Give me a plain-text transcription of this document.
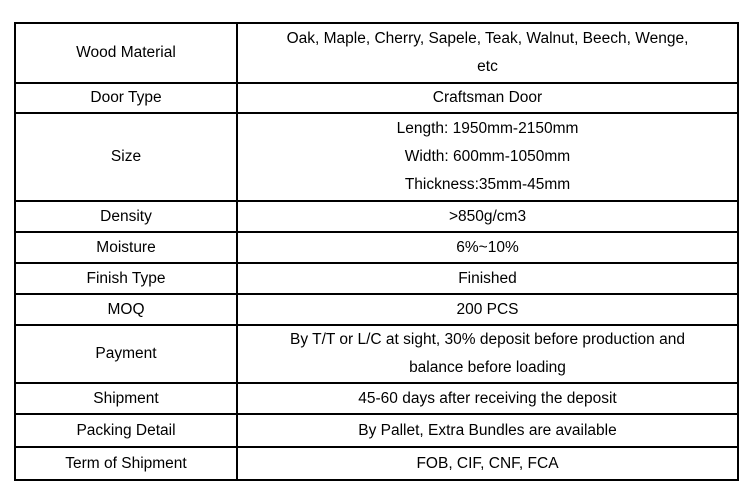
Wood Material	Oak, Maple, Cherry, Sapele, Teak, Walnut, Beech, Wenge,
etc

Door Type	Craftsman Door

Size	Length: 1950mm-2150mm
Width: 600mm-1050mm
Thickness:35mm-45mm

Density	>850g/cm3

Moisture	6%~10%

Finish Type	Finished

MOQ	200 PCS

Payment	By T/T or L/C at sight, 30% deposit before production and
balance before loading

Shipment	45-60 days after receiving the deposit

Packing Detail	By Pallet, Extra Bundles are available

Term of Shipment	FOB, CIF, CNF, FCA
